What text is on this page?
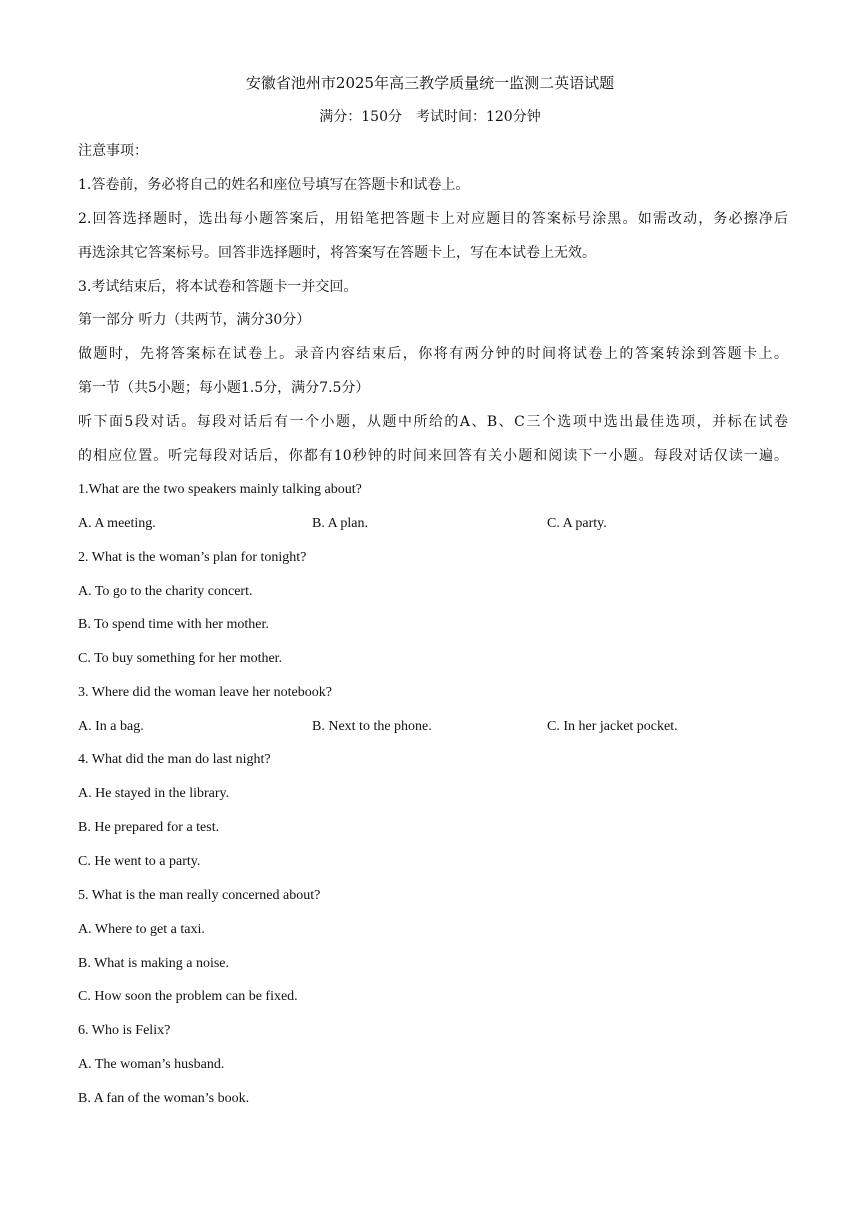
安徽省池州市2025年高三教学质量统一监测二英语试题
满分：150分　考试时间：120分钟
注意事项：
1.答卷前，务必将自己的姓名和座位号填写在答题卡和试卷上。
2.回答选择题时，选出每小题答案后，用铅笔把答题卡上对应题目的答案标号涂黑。如需改动，务必擦净后
再选涂其它答案标号。回答非选择题时，将答案写在答题卡上，写在本试卷上无效。
3.考试结束后，将本试卷和答题卡一并交回。
第一部分 听力（共两节，满分30分）
做题时，先将答案标在试卷上。录音内容结束后，你将有两分钟的时间将试卷上的答案转涂到答题卡上。
第一节（共5小题；每小题1.5分，满分7.5分）
听下面5段对话。每段对话后有一个小题，从题中所给的A、B、C三个选项中选出最佳选项，并标在试卷
的相应位置。听完每段对话后，你都有10秒钟的时间来回答有关小题和阅读下一小题。每段对话仅读一遍。
1.What are the two speakers mainly talking about?
A. A meeting.	B. A plan.	C. A party.
2. What is the woman’s plan for tonight?
A. To go to the charity concert.
B. To spend time with her mother.
C. To buy something for her mother.
3. Where did the woman leave her notebook?
A. In a bag.	B. Next to the phone.	C. In her jacket pocket.
4. What did the man do last night?
A. He stayed in the library.
B. He prepared for a test.
C. He went to a party.
5. What is the man really concerned about?
A. Where to get a taxi.
B. What is making a noise.
C. How soon the problem can be fixed.
6. Who is Felix?
A. The woman’s husband.
B. A fan of the woman’s book.
